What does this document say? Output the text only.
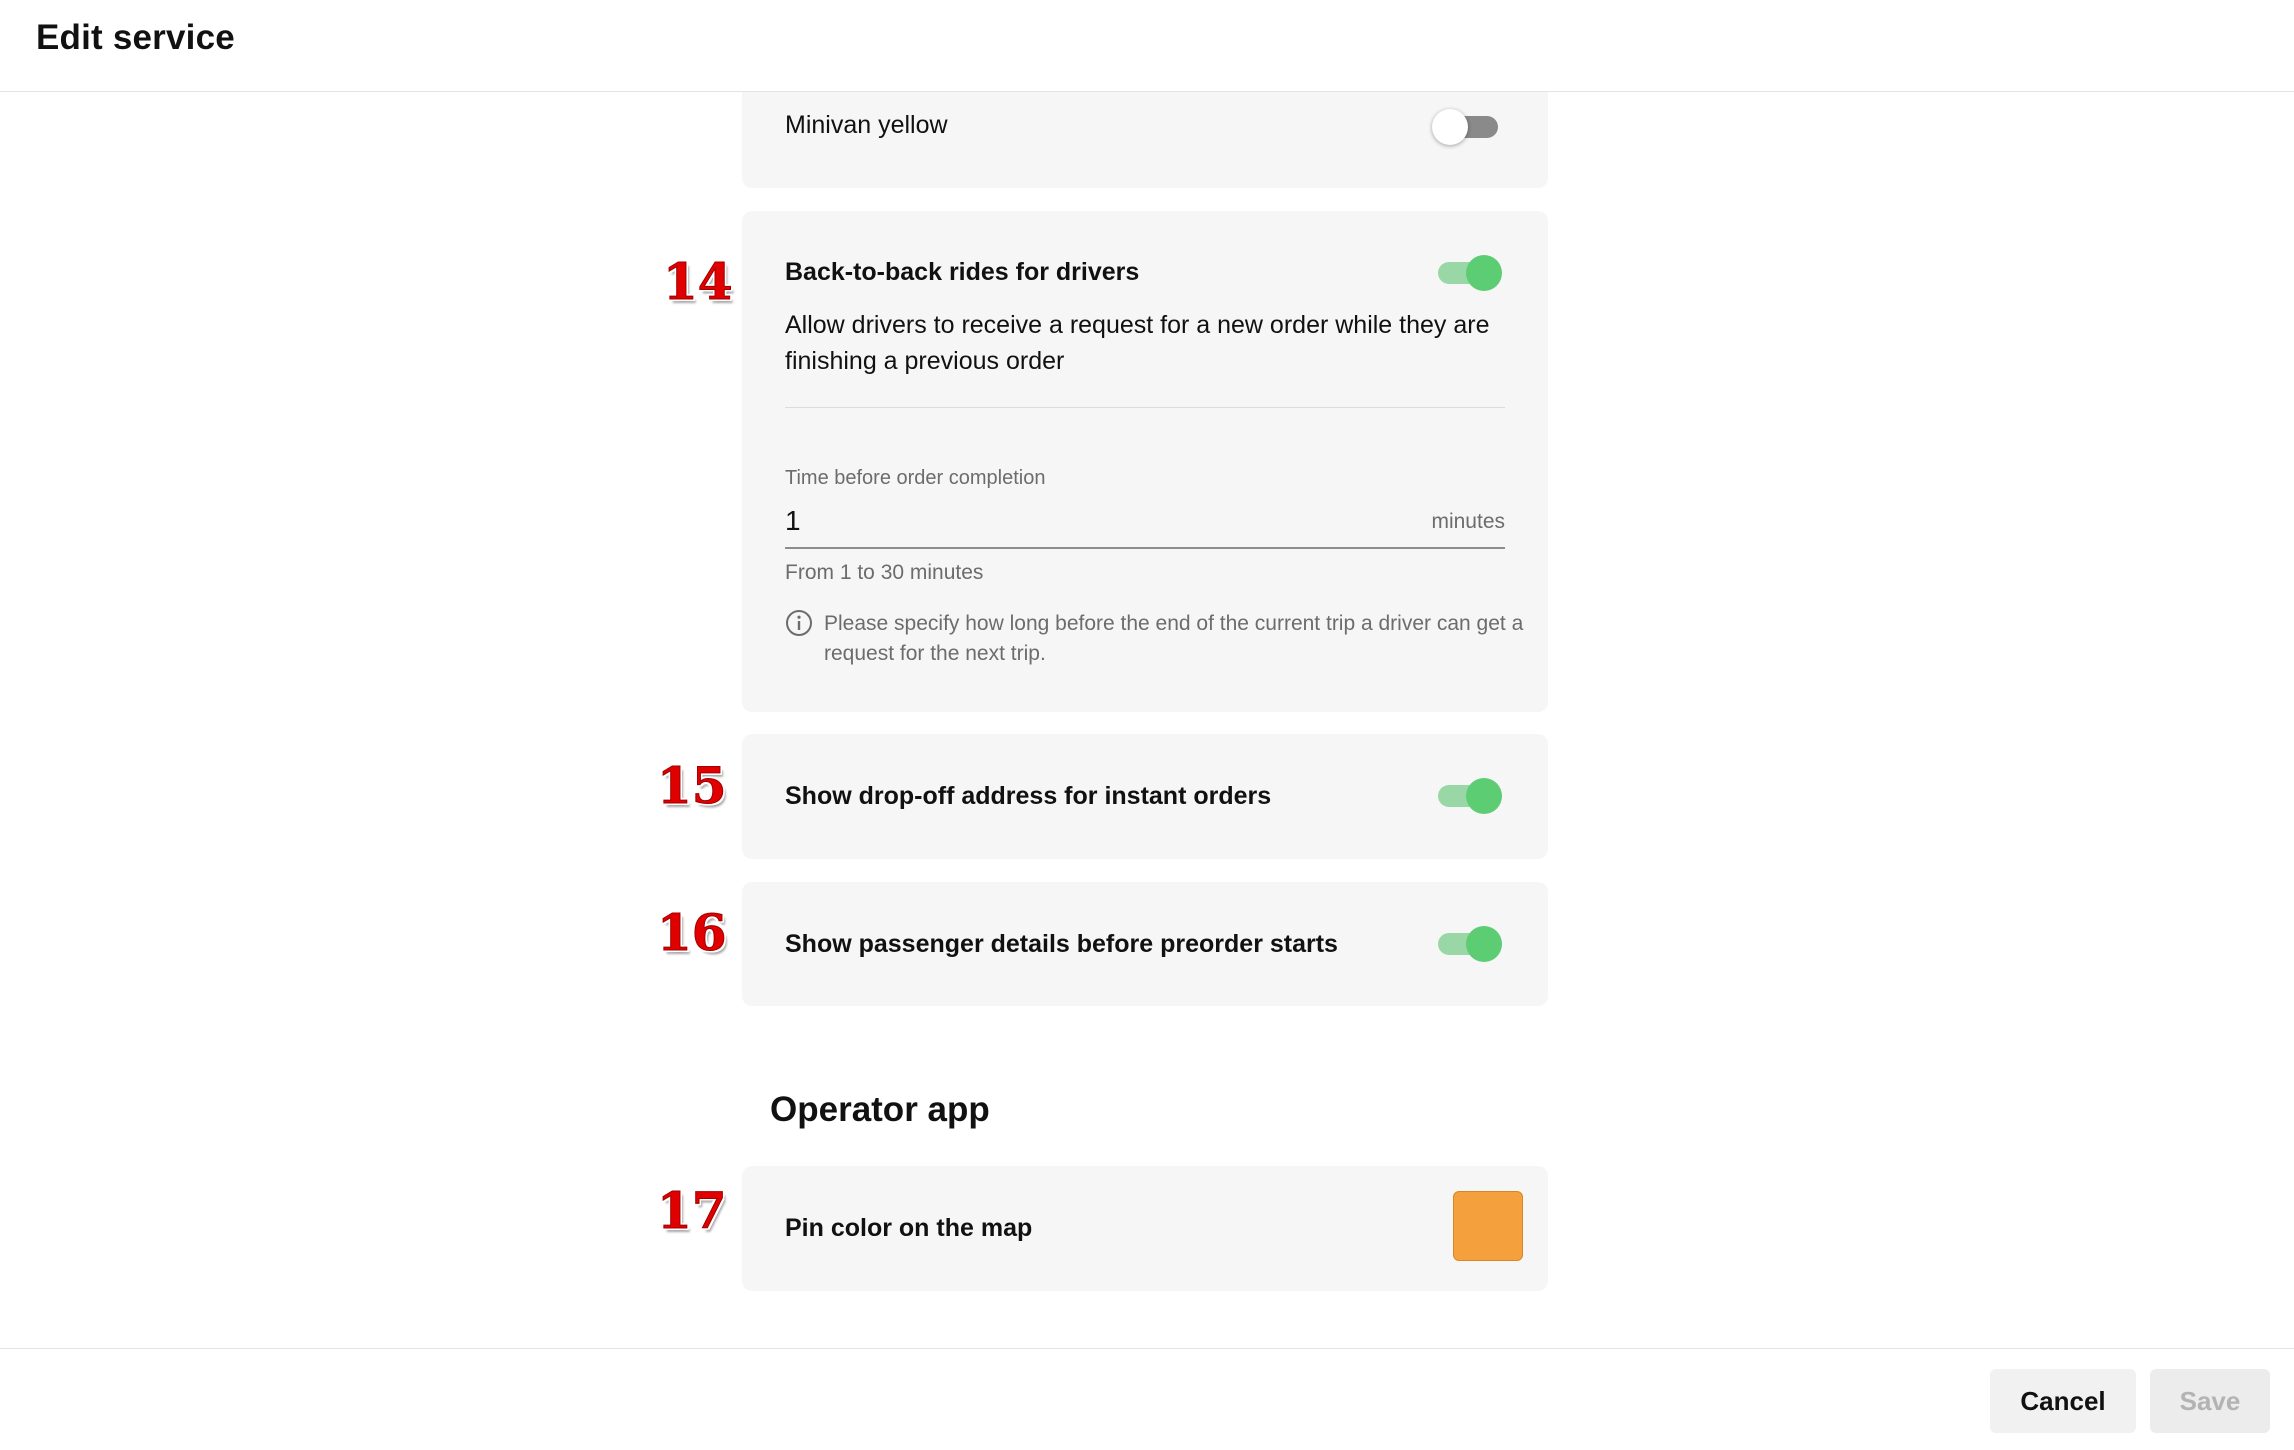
Edit service
Minivan yellow
14 Back-to-back rides for drivers
Allow drivers to receive a request for a new order while they are finishing a previous order
Time before order completion
1
minutes
From 1 to 30 minutes
Please specify how long before the end of the current trip a driver can get a request for the next trip.
15 Show drop-off address for instant orders
16 Show passenger details before preorder starts
Operator app
17 Pin color on the map
Cancel	Save
